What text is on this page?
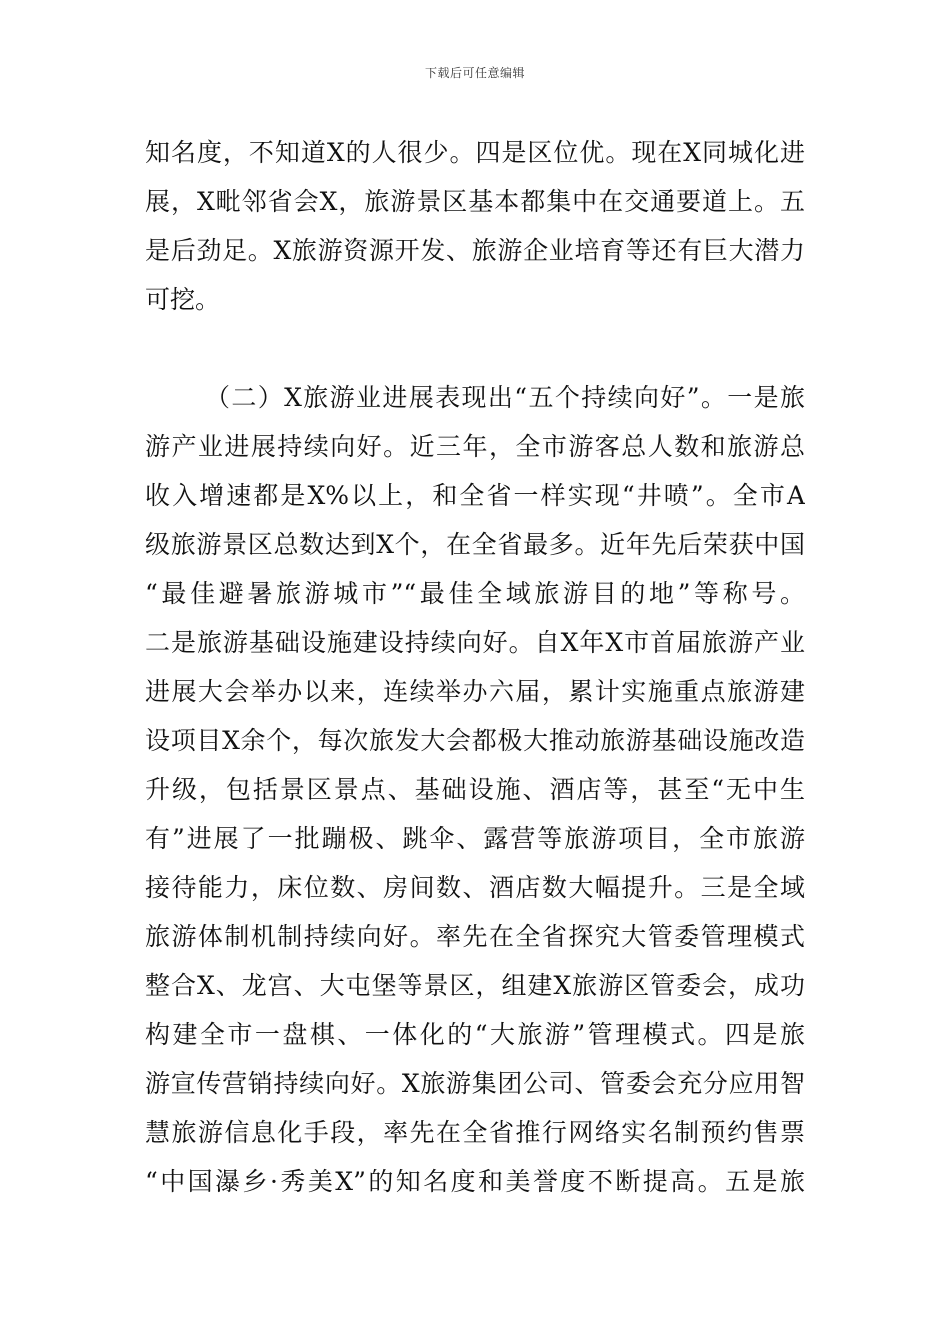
下载后可任意编辑
知名度，不知道X的人很少。四是区位优。现在X同城化进
展，X毗邻省会X，旅游景区基本都集中在交通要道上。五
是后劲足。X旅游资源开发、旅游企业培育等还有巨大潜力
可挖。
（二）X旅游业进展表现出“五个持续向好”。一是旅
游产业进展持续向好。近三年，全市游客总人数和旅游总
收入增速都是X%以上，和全省一样实现“井喷”。全市A
级旅游景区总数达到X个，在全省最多。近年先后荣获中国
“最佳避暑旅游城市”“最佳全域旅游目的地”等称号。
二是旅游基础设施建设持续向好。自X年X市首届旅游产业
进展大会举办以来，连续举办六届，累计实施重点旅游建
设项目X余个，每次旅发大会都极大推动旅游基础设施改造
升级，包括景区景点、基础设施、酒店等，甚至“无中生
有”进展了一批蹦极、跳伞、露营等旅游项目，全市旅游
接待能力，床位数、房间数、酒店数大幅提升。三是全域
旅游体制机制持续向好。率先在全省探究大管委管理模式
整合X、龙宫、大屯堡等景区，组建X旅游区管委会，成功
构建全市一盘棋、一体化的“大旅游”管理模式。四是旅
游宣传营销持续向好。X旅游集团公司、管委会充分应用智
慧旅游信息化手段，率先在全省推行网络实名制预约售票
“中国瀑乡·秀美X”的知名度和美誉度不断提高。五是旅
